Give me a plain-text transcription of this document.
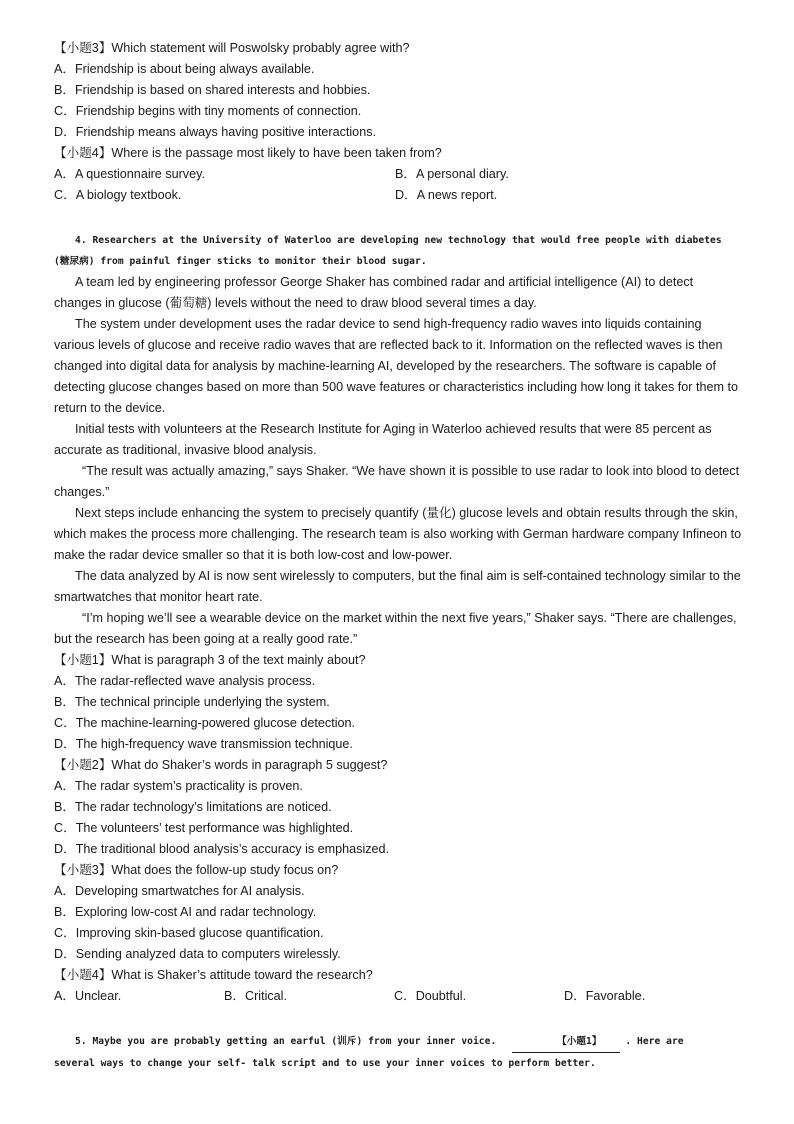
【小题3】Which statement will Poswolsky probably agree with?
A．Friendship is about being always available.
B．Friendship is based on shared interests and hobbies.
C．Friendship begins with tiny moments of connection.
D．Friendship means always having positive interactions.
【小题4】Where is the passage most likely to have been taken from?
A．A questionnaire survey.	B．A personal diary.
C．A biology textbook.	D．A news report.
4. Researchers at the University of Waterloo are developing new technology that would free people with diabetes
(糖尿病) from painful finger sticks to monitor their blood sugar.
A team led by engineering professor George Shaker has combined radar and artificial intelligence (AI) to detect changes in glucose (葡萄糖) levels without the need to draw blood several times a day.
The system under development uses the radar device to send high-frequency radio waves into liquids containing various levels of glucose and receive radio waves that are reflected back to it. Information on the reflected waves is then changed into digital data for analysis by machine-learning AI, developed by the researchers. The software is capable of detecting glucose changes based on more than 500 wave features or characteristics including how long it takes for them to return to the device.
Initial tests with volunteers at the Research Institute for Aging in Waterloo achieved results that were 85 percent as accurate as traditional, invasive blood analysis.
“The result was actually amazing,” says Shaker. “We have shown it is possible to use radar to look into blood to detect changes.”
Next steps include enhancing the system to precisely quantify (量化) glucose levels and obtain results through the skin, which makes the process more challenging. The research team is also working with German hardware company Infineon to make the radar device smaller so that it is both low-cost and low-power.
The data analyzed by AI is now sent wirelessly to computers, but the final aim is self-contained technology similar to the smartwatches that monitor heart rate.
“I’m hoping we’ll see a wearable device on the market within the next five years,” Shaker says. “There are challenges, but the research has been going at a really good rate.”
【小题1】What is paragraph 3 of the text mainly about?
A．The radar-reflected wave analysis process.
B．The technical principle underlying the system.
C．The machine-learning-powered glucose detection.
D．The high-frequency wave transmission technique.
【小题2】What do Shaker’s words in paragraph 5 suggest?
A．The radar system’s practicality is proven.
B．The radar technology’s limitations are noticed.
C．The volunteers’ test performance was highlighted.
D．The traditional blood analysis’s accuracy is emphasized.
【小题3】What does the follow-up study focus on?
A．Developing smartwatches for AI analysis.
B．Exploring low-cost AI and radar technology.
C．Improving skin-based glucose quantification.
D．Sending analyzed data to computers wirelessly.
【小题4】What is Shaker’s attitude toward the research?
A．Unclear.	B．Critical.	C．Doubtful.	D．Favorable.
5. Maybe you are probably getting an earful (训斥) from your inner voice.	【小题1】 . Here are
several ways to change your self- talk script and to use your inner voices to perform better.
